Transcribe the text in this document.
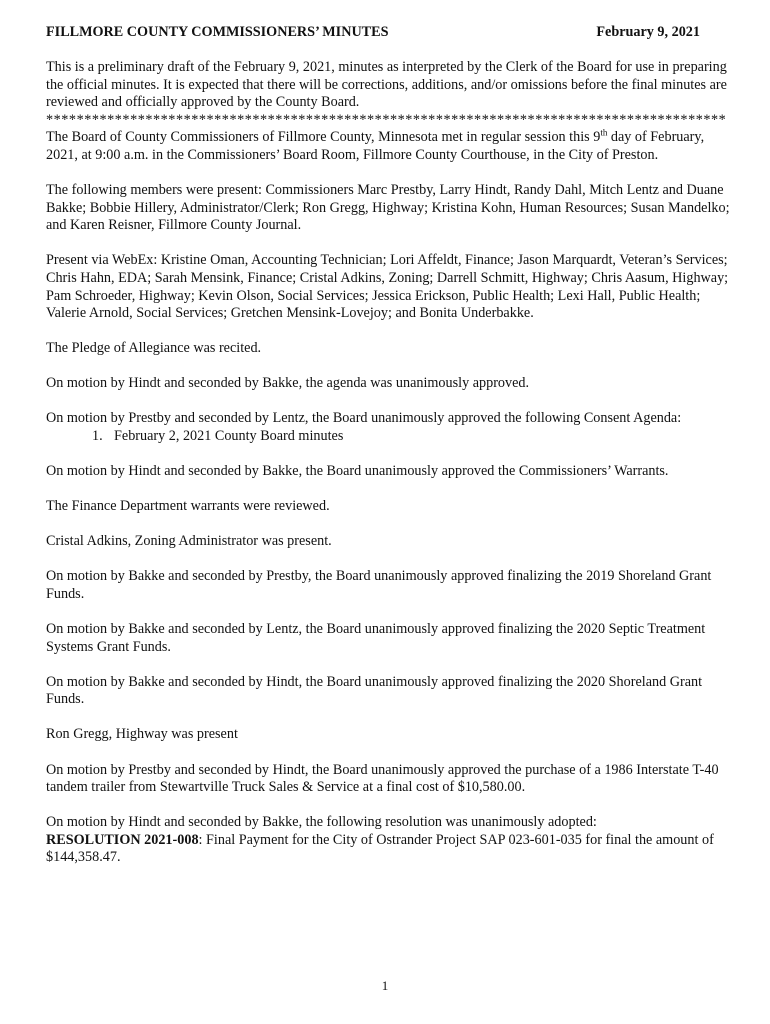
FILLMORE COUNTY COMMISSIONERS’ MINUTES	February 9, 2021

This is a preliminary draft of the February 9, 2021, minutes as interpreted by the Clerk of the Board for use in preparing the official minutes. It is expected that there will be corrections, additions, and/or omissions before the final minutes are reviewed and officially approved by the County Board.

*****************************************************************************************

The Board of County Commissioners of Fillmore County, Minnesota met in regular session this 9th day of February, 2021, at 9:00 a.m. in the Commissioners’ Board Room, Fillmore County Courthouse, in the City of Preston.

The following members were present: Commissioners Marc Prestby, Larry Hindt, Randy Dahl, Mitch Lentz and Duane Bakke; Bobbie Hillery, Administrator/Clerk; Ron Gregg, Highway; Kristina Kohn, Human Resources; Susan Mandelko; and Karen Reisner, Fillmore County Journal.

Present via WebEx: Kristine Oman, Accounting Technician; Lori Affeldt, Finance; Jason Marquardt, Veteran’s Services; Chris Hahn, EDA; Sarah Mensink, Finance; Cristal Adkins, Zoning; Darrell Schmitt, Highway; Chris Aasum, Highway; Pam Schroeder, Highway; Kevin Olson, Social Services; Jessica Erickson, Public Health; Lexi Hall, Public Health; Valerie Arnold, Social Services; Gretchen Mensink-Lovejoy; and Bonita Underbakke.

The Pledge of Allegiance was recited.

On motion by Hindt and seconded by Bakke, the agenda was unanimously approved.

On motion by Prestby and seconded by Lentz, the Board unanimously approved the following Consent Agenda:

1. February 2, 2021 County Board minutes

On motion by Hindt and seconded by Bakke, the Board unanimously approved the Commissioners’ Warrants.

The Finance Department warrants were reviewed.

Cristal Adkins, Zoning Administrator was present.

On motion by Bakke and seconded by Prestby, the Board unanimously approved finalizing the 2019 Shoreland Grant Funds.

On motion by Bakke and seconded by Lentz, the Board unanimously approved finalizing the 2020 Septic Treatment Systems Grant Funds.

On motion by Bakke and seconded by Hindt, the Board unanimously approved finalizing the 2020 Shoreland Grant Funds.

Ron Gregg, Highway was present

On motion by Prestby and seconded by Hindt, the Board unanimously approved the purchase of a 1986 Interstate T-40 tandem trailer from Stewartville Truck Sales & Service at a final cost of $10,580.00.

On motion by Hindt and seconded by Bakke, the following resolution was unanimously adopted:

RESOLUTION 2021-008: Final Payment for the City of Ostrander Project SAP 023-601-035 for final the amount of $144,358.47.

1
